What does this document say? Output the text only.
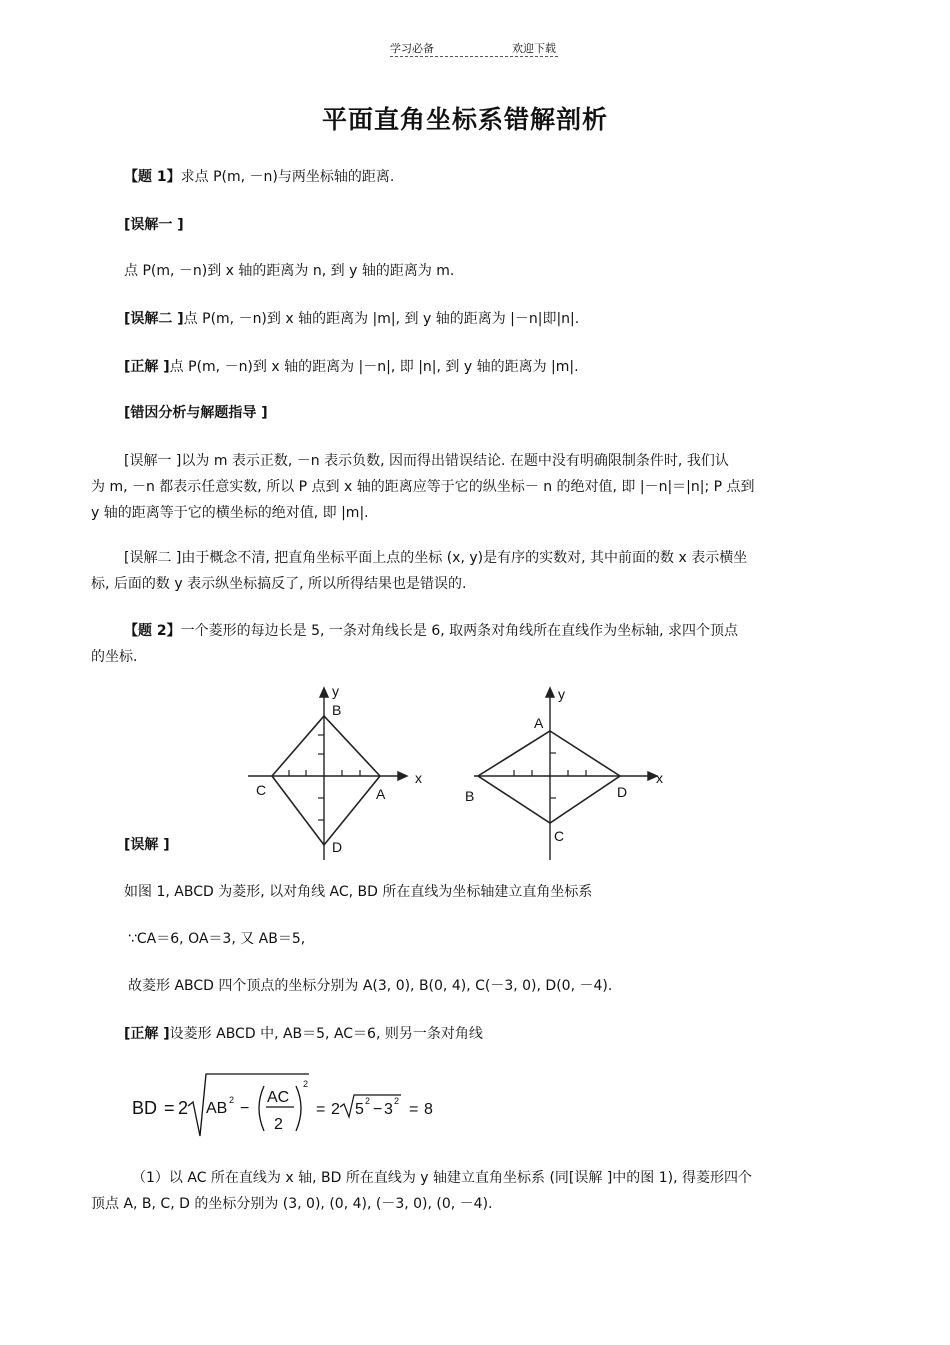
学习必备	欢迎下载
平面直角坐标系错解剖析

【题 1】求点 P(m, －n)与两坐标轴的距离.

[误解一 ]

点 P(m, －n)到 x 轴的距离为 n, 到 y 轴的距离为 m.

[误解二 ]点 P(m, －n)到 x 轴的距离为 |m|, 到 y 轴的距离为 |－n|即|n|.

[正解 ]点 P(m, －n)到 x 轴的距离为 |－n|, 即 |n|, 到 y 轴的距离为 |m|.

[错因分析与解题指导 ]

[误解一 ]以为 m 表示正数, －n 表示负数, 因而得出错误结论. 在题中没有明确限制条件时, 我们认

为 m, －n 都表示任意实数, 所以 P 点到 x 轴的距离应等于它的纵坐标－ n 的绝对值, 即 |－n|＝|n|; P 点到

y 轴的距离等于它的横坐标的绝对值, 即 |m|.

[误解二 ]由于概念不清, 把直角坐标平面上点的坐标 (x, y)是有序的实数对, 其中前面的数 x 表示横坐

标, 后面的数 y 表示纵坐标搞反了, 所以所得结果也是错误的.

【题 2】一个菱形的每边长是 5, 一条对角线长是 6, 取两条对角线所在直线作为坐标轴, 求四个顶点

的坐标.

y
B
x
C	A
D
y
A
x
B	D
C

[误解 ]

如图 1, ABCD 为菱形, 以对角线 AC, BD 所在直线为坐标轴建立直角坐标系

∵CA＝6, OA＝3, 又 AB＝5,

故菱形 ABCD 四个顶点的坐标分别为 A(3, 0), B(0, 4), C(－3, 0), D(0, －4).

[正解 ]设菱形 ABCD 中, AB＝5, AC＝6, 则另一条对角线

BD = 2 AB 2 −
AC
2
2
= 2 5 2 − 3 2 = 8

（1）以 AC 所在直线为 x 轴, BD 所在直线为 y 轴建立直角坐标系 (同[误解 ]中的图 1), 得菱形四个

顶点 A, B, C, D 的坐标分别为 (3, 0), (0, 4), (－3, 0), (0, －4).
